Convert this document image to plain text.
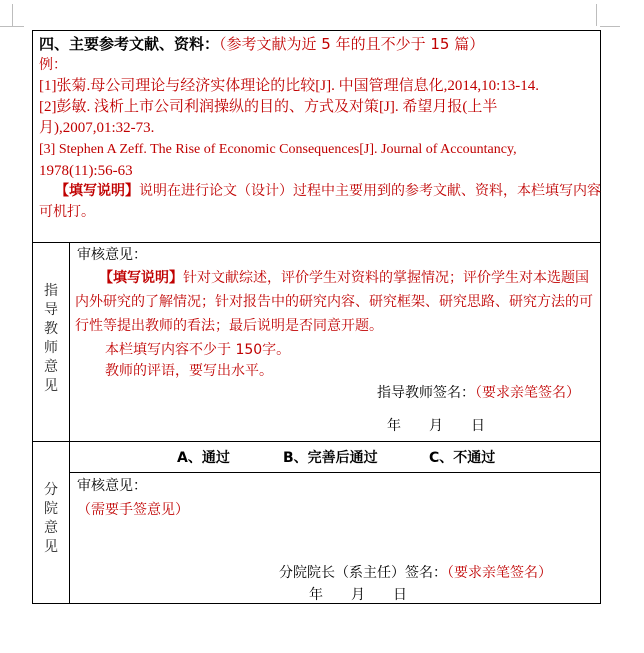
四、主要参考文献、资料：（参考文献为近 5 年的且不少于 15 篇）
例：
[1]张菊.母公司理论与经济实体理论的比较[J]. 中国管理信息化,2014,10:13-14.
[2]彭敏. 浅析上市公司利润操纵的目的、方式及对策[J]. 希望月报(上半
月),2007,01:32-73.
[3] Stephen A Zeff. The Rise of Economic Consequences[J]. Journal of Accountancy,
1978(11):56-63
【填写说明】说明在进行论文（设计）过程中主要用到的参考文献、资料，本栏填写内容
可机打。
指
导
教
师
意
见
审核意见：
【填写说明】针对文献综述，评价学生对资料的掌握情况；评价学生对本选题国
内外研究的了解情况；针对报告中的研究内容、研究框架、研究思路、研究方法的可
行性等提出教师的看法；最后说明是否同意开题。
本栏填写内容不少于 150字。
教师的评语，要写出水平。
指导教师签名：（要求亲笔签名）
年　　月　　日
分
院
意
见
A、通过	B、完善后通过	C、不通过
审核意见：
（需要手签意见）
分院院长（系主任）签名：（要求亲笔签名）
年　　月　　日
